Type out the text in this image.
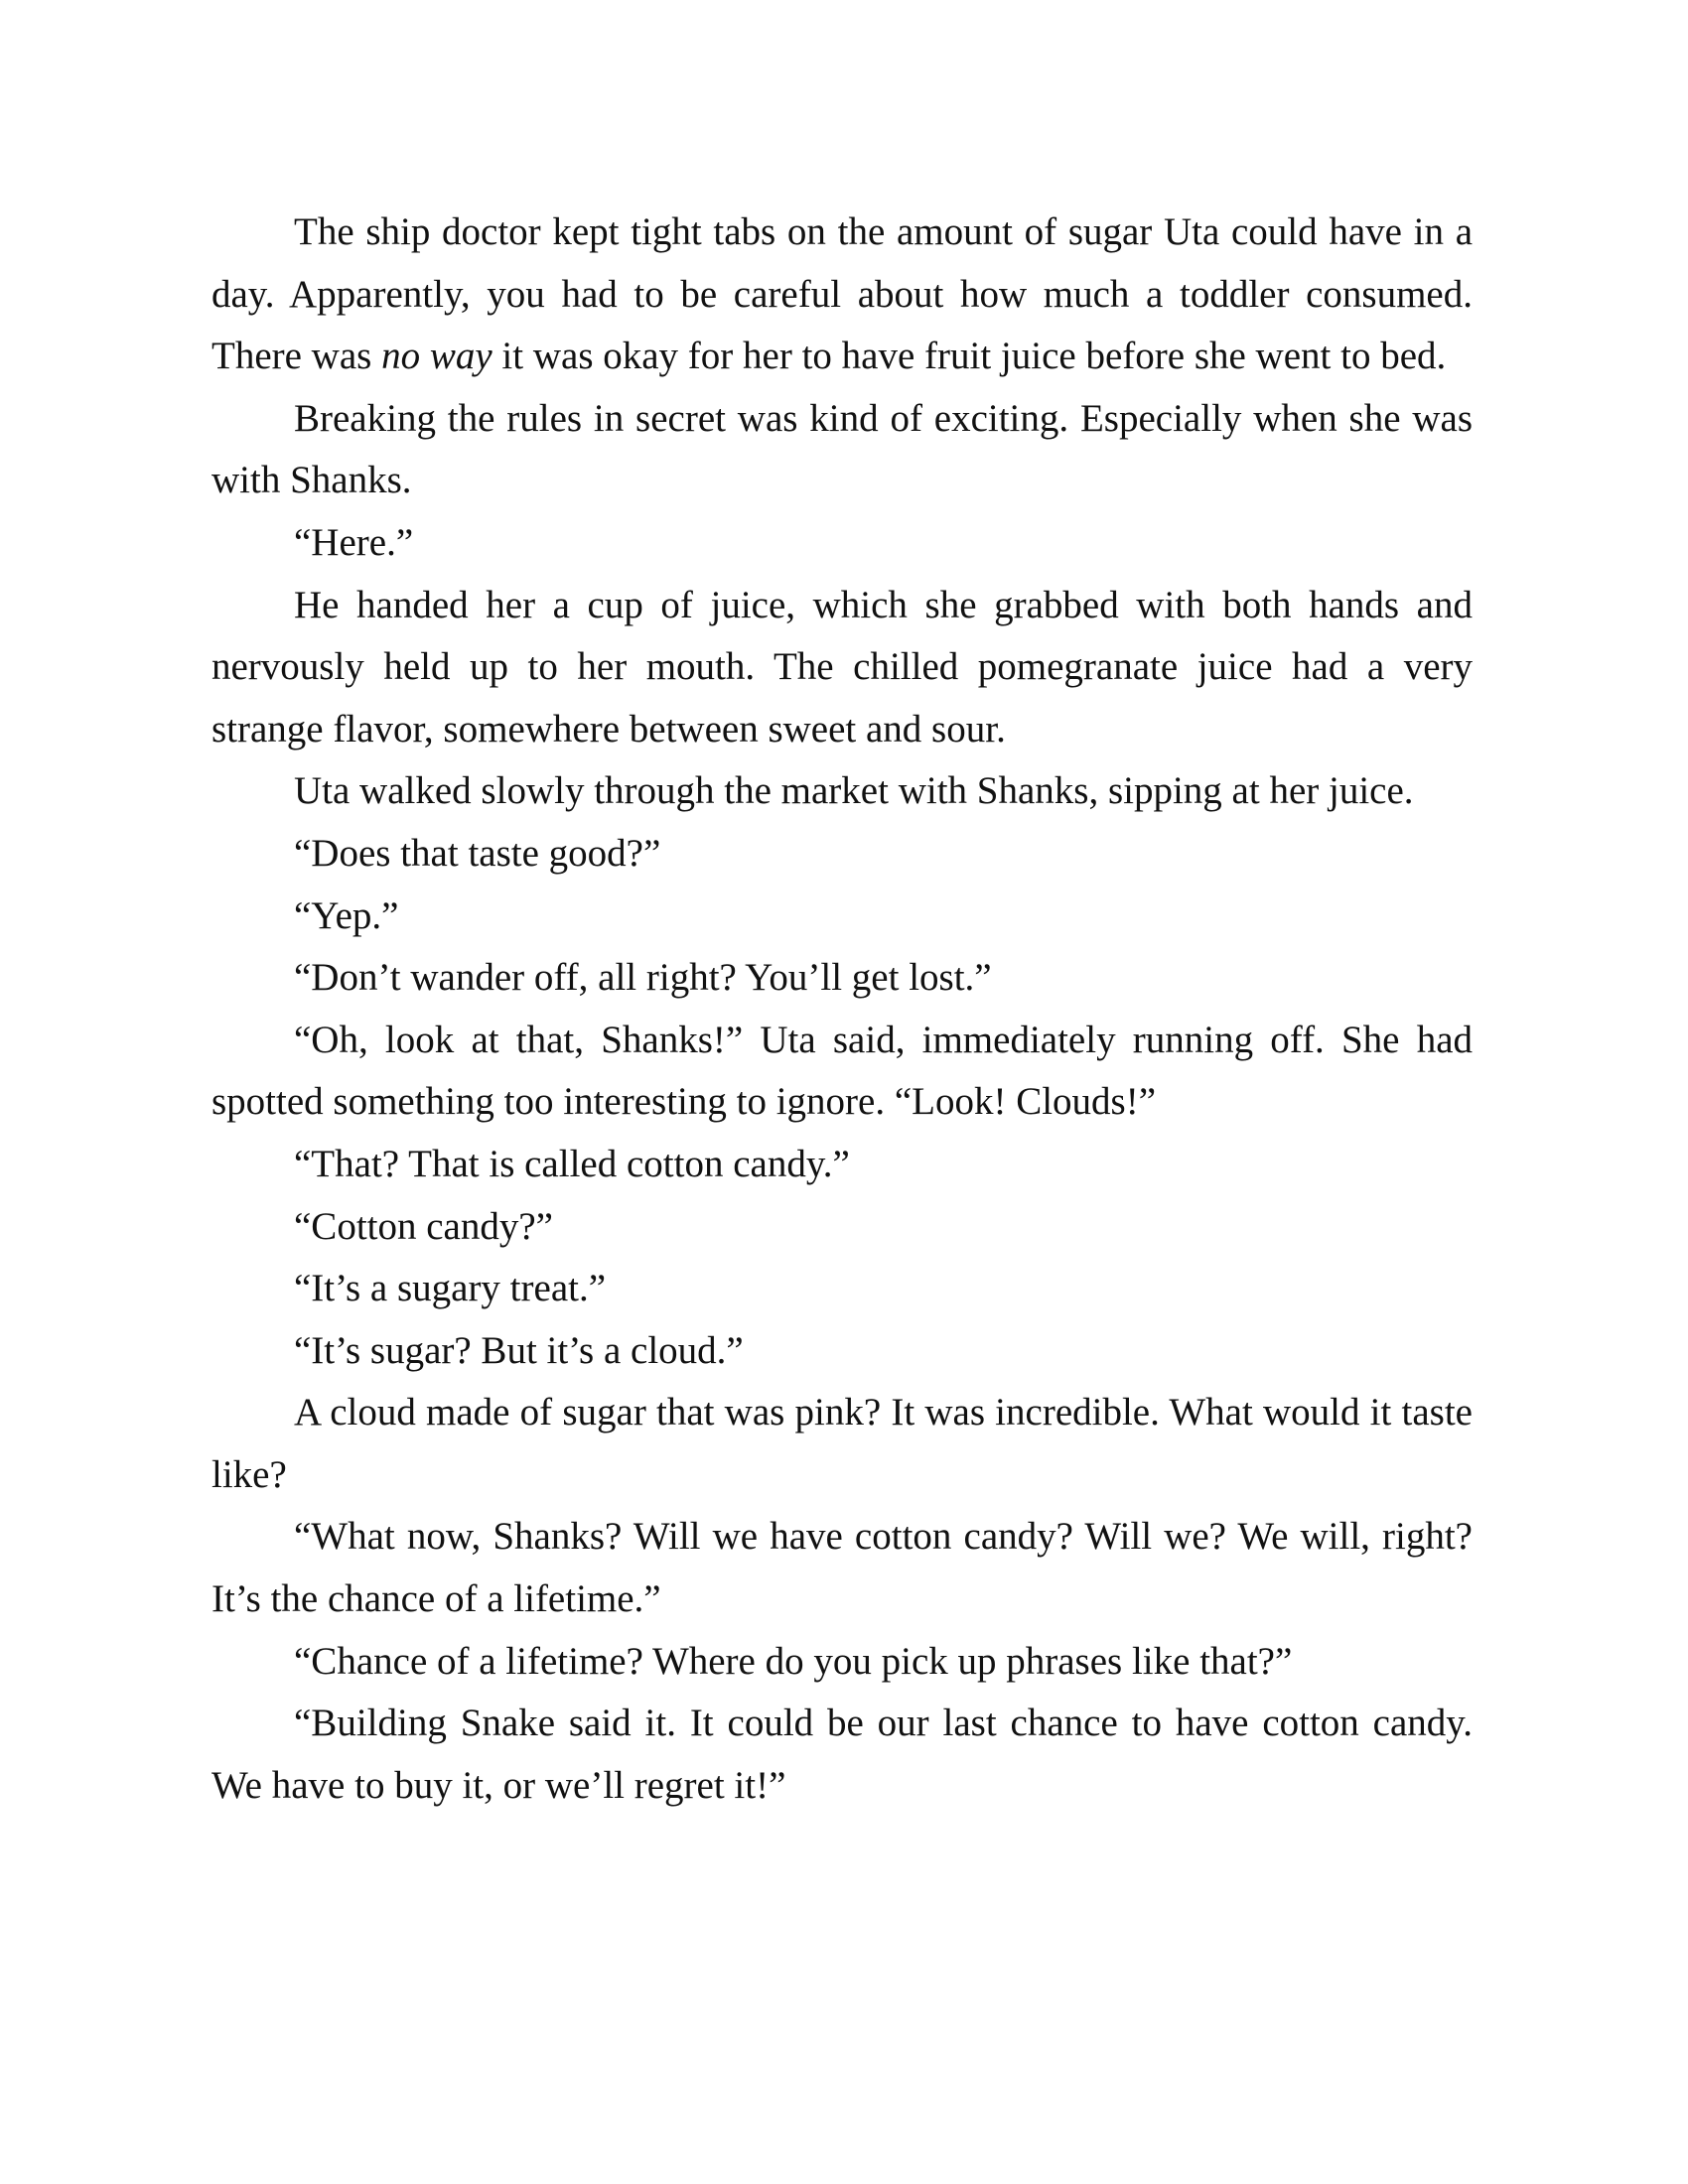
The ship doctor kept tight tabs on the amount of sugar Uta could have in a day. Apparently, you had to be careful about how much a toddler consumed. There was no way it was okay for her to have fruit juice before she went to bed.

Breaking the rules in secret was kind of exciting. Especially when she was with Shanks.

“Here.”

He handed her a cup of juice, which she grabbed with both hands and nervously held up to her mouth. The chilled pomegranate juice had a very strange flavor, somewhere between sweet and sour.

Uta walked slowly through the market with Shanks, sipping at her juice.

“Does that taste good?”

“Yep.”

“Don’t wander off, all right? You’ll get lost.”

“Oh, look at that, Shanks!” Uta said, immediately running off. She had spotted something too interesting to ignore. “Look! Clouds!”

“That? That is called cotton candy.”

“Cotton candy?”

“It’s a sugary treat.”

“It’s sugar? But it’s a cloud.”

A cloud made of sugar that was pink? It was incredible. What would it taste like?

“What now, Shanks? Will we have cotton candy? Will we? We will, right? It’s the chance of a lifetime.”

“Chance of a lifetime? Where do you pick up phrases like that?”

“Building Snake said it. It could be our last chance to have cotton candy. We have to buy it, or we’ll regret it!”
